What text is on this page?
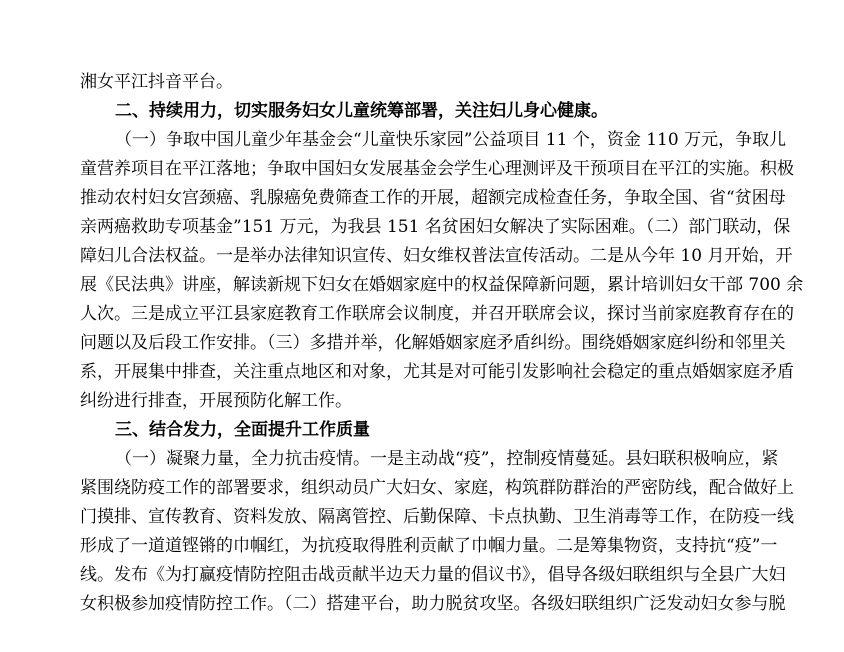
湘女平江抖音平台。
二、持续用力，切实服务妇女儿童统筹部署，关注妇儿身心健康。
（一）争取中国儿童少年基金会“儿童快乐家园”公益项目 11 个，资金 110 万元，争取儿
童营养项目在平江落地；争取中国妇女发展基金会学生心理测评及干预项目在平江的实施。积极
推动农村妇女宫颈癌、乳腺癌免费筛查工作的开展，超额完成检查任务，争取全国、省“贫困母
亲两癌救助专项基金”151 万元，为我县 151 名贫困妇女解决了实际困难。（二）部门联动，保
障妇儿合法权益。一是举办法律知识宣传、妇女维权普法宣传活动。二是从今年 10 月开始，开
展《民法典》讲座，解读新规下妇女在婚姻家庭中的权益保障新问题，累计培训妇女干部 700 余
人次。三是成立平江县家庭教育工作联席会议制度，并召开联席会议，探讨当前家庭教育存在的
问题以及后段工作安排。（三）多措并举，化解婚姻家庭矛盾纠纷。围绕婚姻家庭纠纷和邻里关
系，开展集中排查，关注重点地区和对象，尤其是对可能引发影响社会稳定的重点婚姻家庭矛盾
纠纷进行排查，开展预防化解工作。
三、结合发力，全面提升工作质量
（一）凝聚力量，全力抗击疫情。一是主动战“疫”，控制疫情蔓延。县妇联积极响应，紧
紧围绕防疫工作的部署要求，组织动员广大妇女、家庭，构筑群防群治的严密防线，配合做好上
门摸排、宣传教育、资料发放、隔离管控、后勤保障、卡点执勤、卫生消毒等工作，在防疫一线
形成了一道道铿锵的巾帼红，为抗疫取得胜利贡献了巾帼力量。二是筹集物资，支持抗“疫”一
线。发布《为打赢疫情防控阻击战贡献半边天力量的倡议书》，倡导各级妇联组织与全县广大妇
女积极参加疫情防控工作。（二）搭建平台，助力脱贫攻坚。各级妇联组织广泛发动妇女参与脱
